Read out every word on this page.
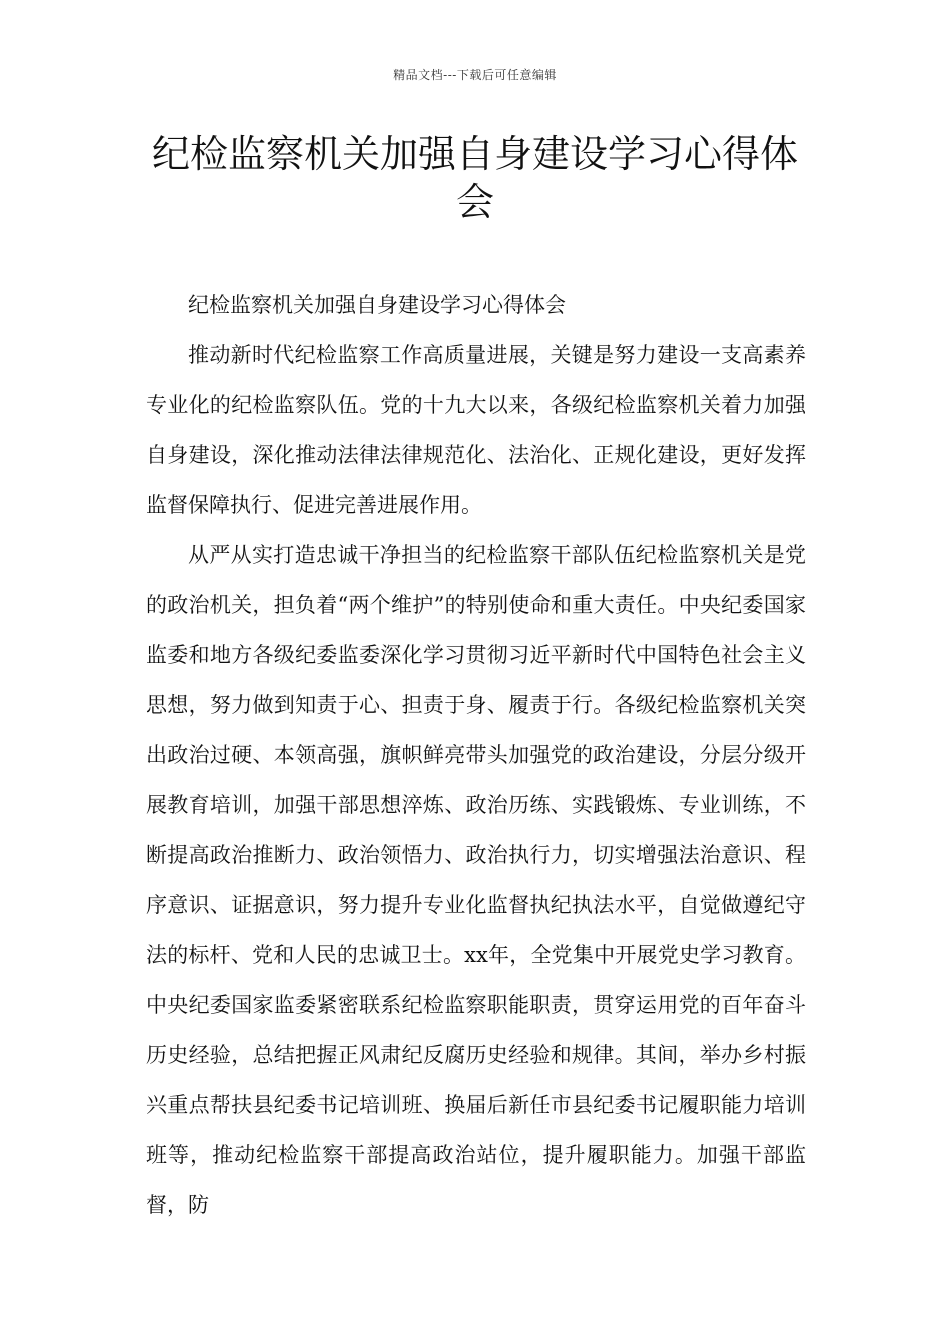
精品文档---下载后可任意编辑
纪检监察机关加强自身建设学习心得体会

纪检监察机关加强自身建设学习心得体会

推动新时代纪检监察工作高质量进展，关键是努力建设一支高素养专业化的纪检监察队伍。党的十九大以来，各级纪检监察机关着力加强自身建设，深化推动法律法律规范化、法治化、正规化建设，更好发挥监督保障执行、促进完善进展作用。

从严从实打造忠诚干净担当的纪检监察干部队伍纪检监察机关是党的政治机关，担负着“两个维护”的特别使命和重大责任。中央纪委国家监委和地方各级纪委监委深化学习贯彻习近平新时代中国特色社会主义思想，努力做到知责于心、担责于身、履责于行。各级纪检监察机关突出政治过硬、本领高强，旗帜鲜亮带头加强党的政治建设，分层分级开展教育培训，加强干部思想淬炼、政治历练、实践锻炼、专业训练，不断提高政治推断力、政治领悟力、政治执行力，切实增强法治意识、程序意识、证据意识，努力提升专业化监督执纪执法水平，自觉做遵纪守法的标杆、党和人民的忠诚卫士。xx年，全党集中开展党史学习教育。中央纪委国家监委紧密联系纪检监察职能职责，贯穿运用党的百年奋斗历史经验，总结把握正风肃纪反腐历史经验和规律。其间，举办乡村振兴重点帮扶县纪委书记培训班、换届后新任市县纪委书记履职能力培训班等，推动纪检监察干部提高政治站位，提升履职能力。加强干部监督，防
